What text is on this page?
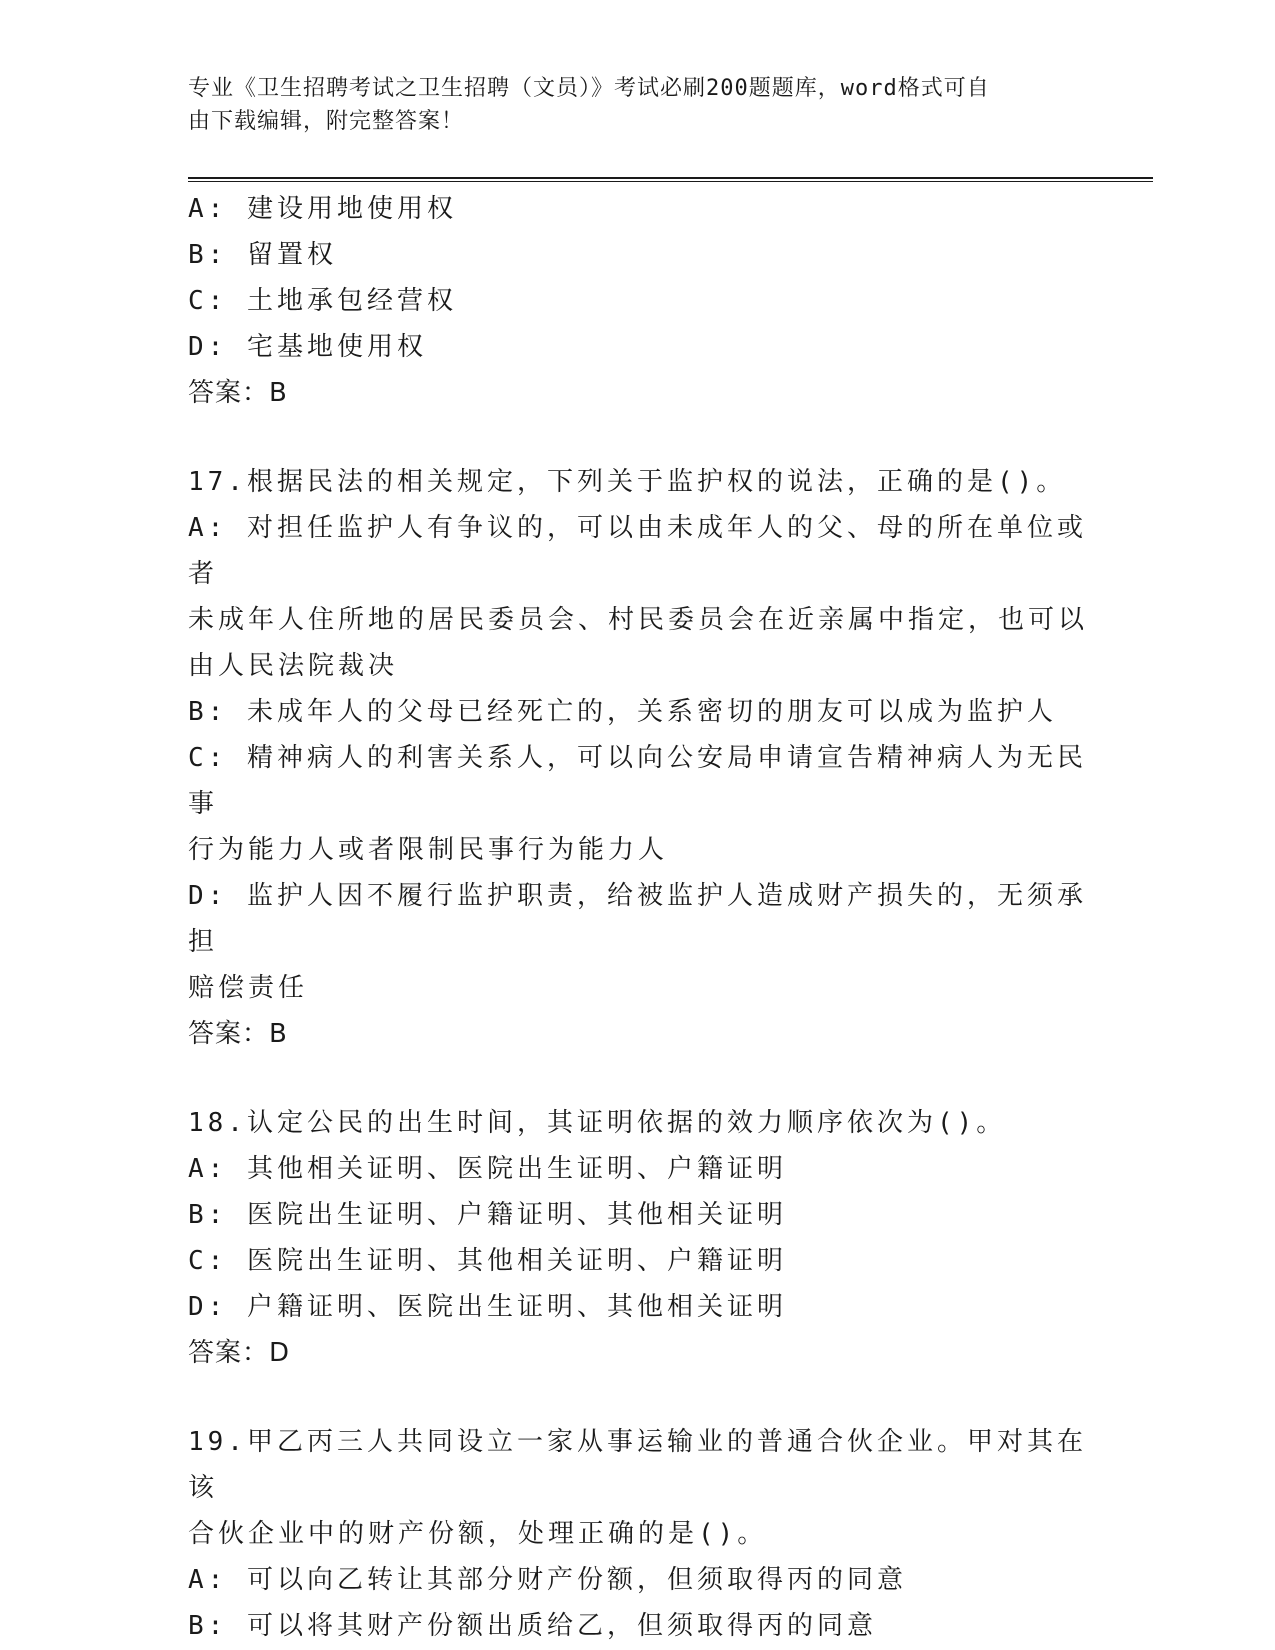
专业《卫生招聘考试之卫生招聘（文员）》考试必刷200题题库，word格式可自
由下载编辑，附完整答案！
A: 建设用地使用权
B: 留置权
C: 土地承包经营权
D: 宅基地使用权
答案：B
17.根据民法的相关规定，下列关于监护权的说法，正确的是()。
A: 对担任监护人有争议的，可以由未成年人的父、母的所在单位或者
未成年人住所地的居民委员会、村民委员会在近亲属中指定，也可以
由人民法院裁决
B: 未成年人的父母已经死亡的，关系密切的朋友可以成为监护人
C: 精神病人的利害关系人，可以向公安局申请宣告精神病人为无民事
行为能力人或者限制民事行为能力人
D: 监护人因不履行监护职责，给被监护人造成财产损失的，无须承担
赔偿责任
答案：B
18.认定公民的出生时间，其证明依据的效力顺序依次为()。
A: 其他相关证明、医院出生证明、户籍证明
B: 医院出生证明、户籍证明、其他相关证明
C: 医院出生证明、其他相关证明、户籍证明
D: 户籍证明、医院出生证明、其他相关证明
答案：D
19.甲乙丙三人共同设立一家从事运输业的普通合伙企业。甲对其在该
合伙企业中的财产份额，处理正确的是()。
A: 可以向乙转让其部分财产份额，但须取得丙的同意
B: 可以将其财产份额出质给乙，但须取得丙的同意
